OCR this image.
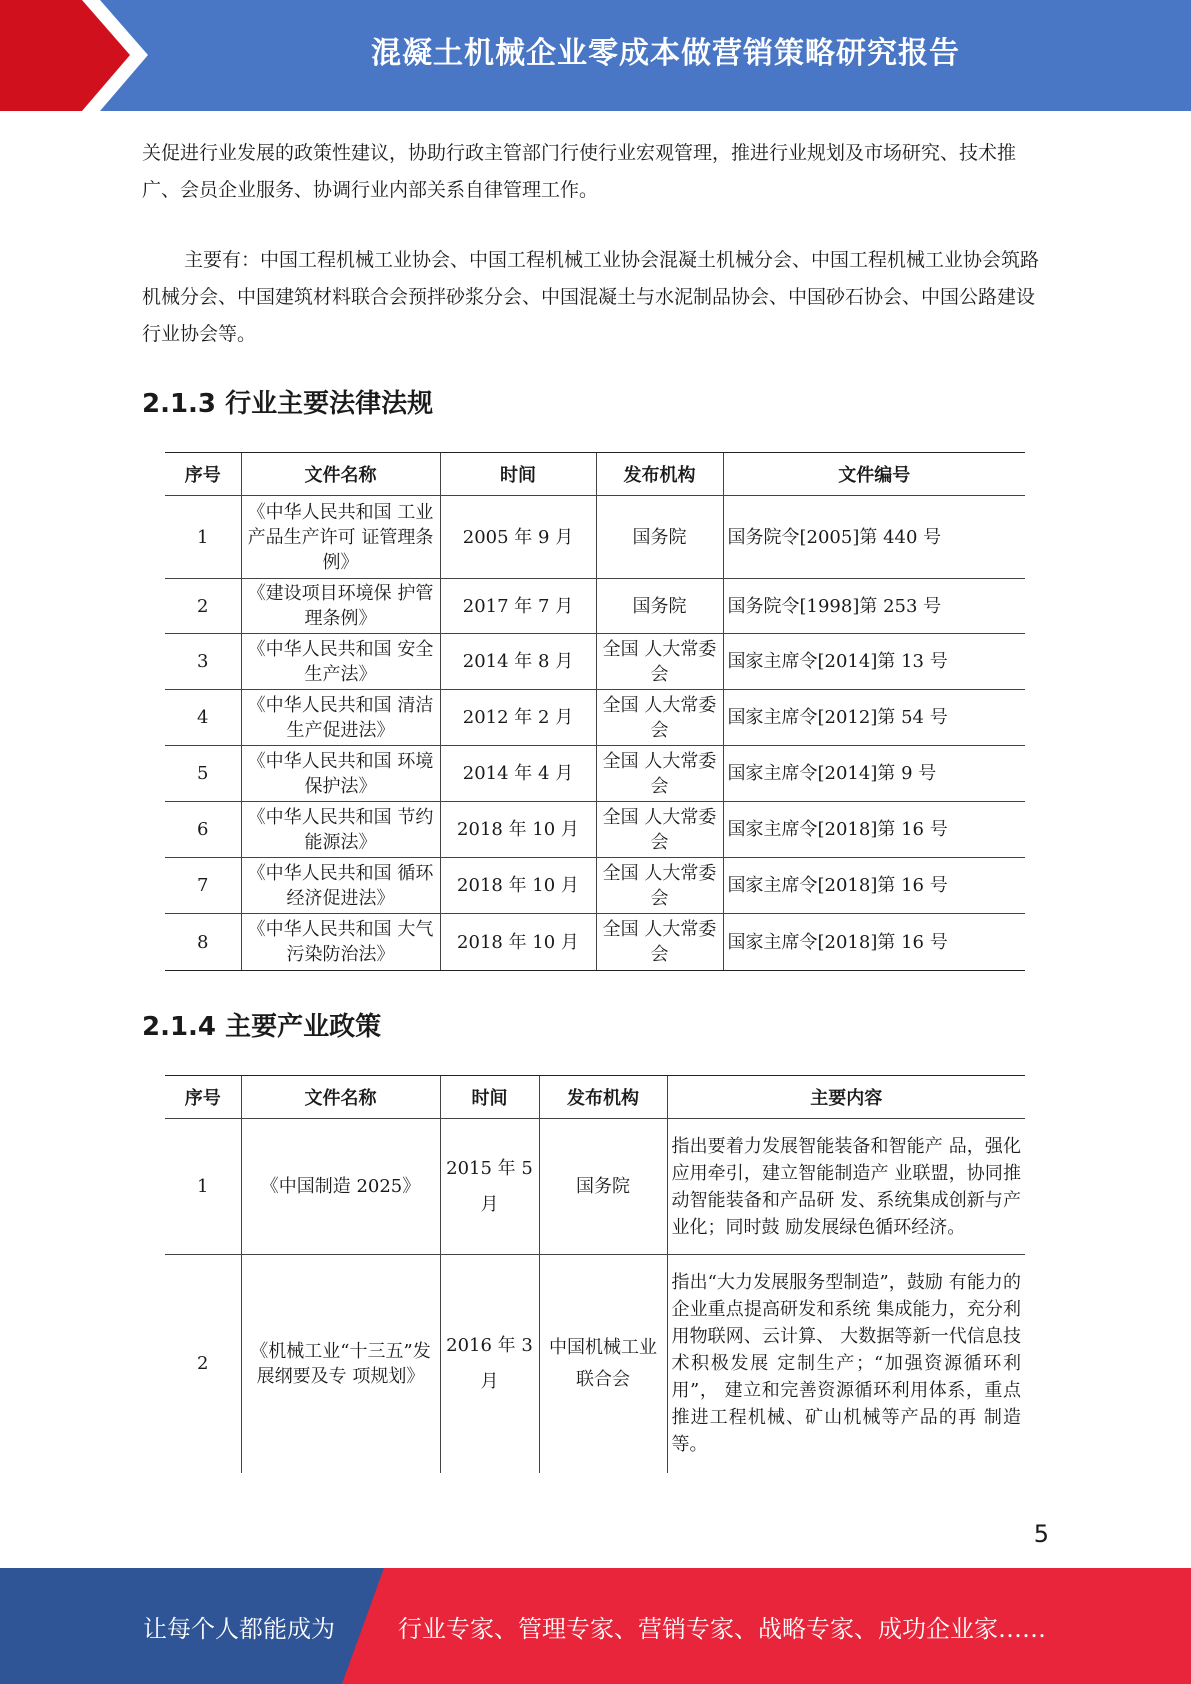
混凝土机械企业零成本做营销策略研究报告

关促进行业发展的政策性建议，协助行政主管部门行使行业宏观管理，推进行业规划及市场研究、技术推广、会员企业服务、协调行业内部关系自律管理工作。

主要有：中国工程机械工业协会、中国工程机械工业协会混凝土机械分会、中国工程机械工业协会筑路机械分会、中国建筑材料联合会预拌砂浆分会、中国混凝土与水泥制品协会、中国砂石协会、中国公路建设行业协会等。

2.1.3 行业主要法律法规
序号	文件名称	时间	发布机构	文件编号
1	《中华人民共和国 工业产品生产许可 证管理条例》	2005 年 9 月	国务院	国务院令[2005]第 440 号
2	《建设项目环境保 护管理条例》	2017 年 7 月	国务院	国务院令[1998]第 253 号
3	《中华人民共和国 安全生产法》	2014 年 8 月	全国 人大常委会	国家主席令[2014]第 13 号
4	《中华人民共和国 清洁生产促进法》	2012 年 2 月	全国 人大常委会	国家主席令[2012]第 54 号
5	《中华人民共和国 环境保护法》	2014 年 4 月	全国 人大常委会	国家主席令[2014]第 9 号
6	《中华人民共和国 节约能源法》	2018 年 10 月	全国 人大常委会	国家主席令[2018]第 16 号
7	《中华人民共和国 循环经济促进法》	2018 年 10 月	全国 人大常委会	国家主席令[2018]第 16 号
8	《中华人民共和国 大气污染防治法》	2018 年 10 月	全国 人大常委会	国家主席令[2018]第 16 号
2.1.4 主要产业政策
序号	文件名称	时间	发布机构	主要内容
1	《中国制造 2025》	2015 年 5 月	国务院	指出要着力发展智能装备和智能产 品，强化应用牵引，建立智能制造产 业联盟，协同推动智能装备和产品研 发、系统集成创新与产业化；同时鼓 励发展绿色循环经济。
2	《机械工业“十三五”发展纲要及专 项规划》	2016 年 3 月	中国机械工业联合会	指出“大力发展服务型制造”，鼓励 有能力的企业重点提高研发和系统 集成能力，充分利用物联网、云计算、 大数据等新一代信息技术积极发展 定制生产；“加强资源循环利用”， 建立和完善资源循环利用体系，重点 推进工程机械、矿山机械等产品的再 制造等。
5
让每个人都能成为	行业专家、管理专家、营销专家、战略专家、成功企业家……
